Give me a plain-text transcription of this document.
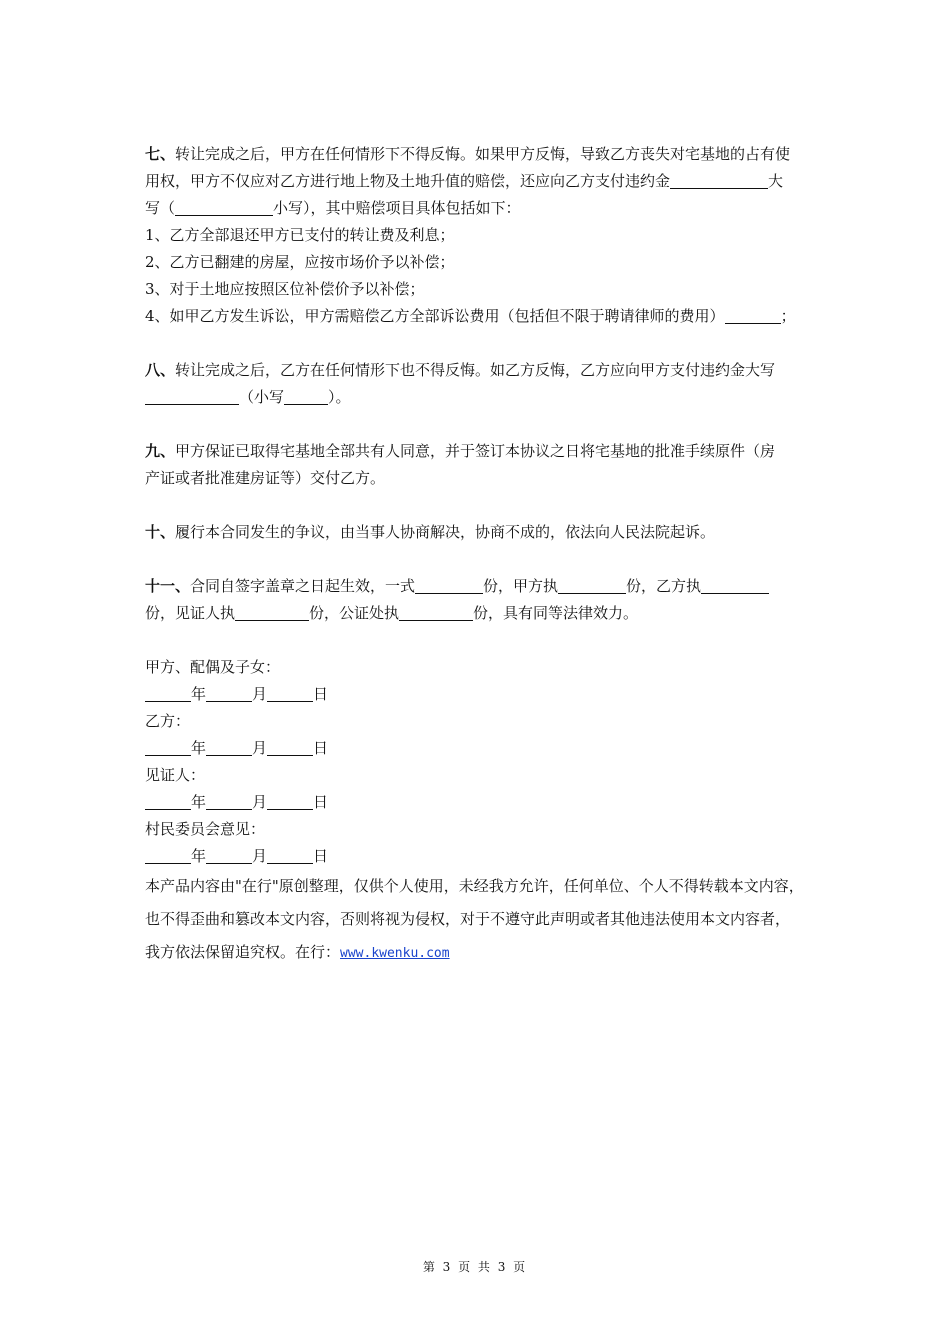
七、转让完成之后，甲方在任何情形下不得反悔。如果甲方反悔，导致乙方丧失对宅基地的占有使
用权，甲方不仅应对乙方进行地上物及土地升值的赔偿，还应向乙方支付违约金	大
写（	小写），其中赔偿项目具体包括如下：
1、乙方全部退还甲方已支付的转让费及利息；
2、乙方已翻建的房屋，应按市场价予以补偿；
3、对于土地应按照区位补偿价予以补偿；
4、如甲乙方发生诉讼，甲方需赔偿乙方全部诉讼费用（包括但不限于聘请律师的费用）	；
八、转让完成之后，乙方在任何情形下也不得反悔。如乙方反悔，乙方应向甲方支付违约金大写
（小写	）。
九、甲方保证已取得宅基地全部共有人同意，并于签订本协议之日将宅基地的批准手续原件（房
产证或者批准建房证等）交付乙方。
十、履行本合同发生的争议，由当事人协商解决，协商不成的，依法向人民法院起诉。
十一、合同自签字盖章之日起生效，一式	份，甲方执	份，乙方执
份，见证人执	份，公证处执	份，具有同等法律效力。
甲方、配偶及子女：
年	月	日
乙方：
年	月	日
见证人：
年	月	日
村民委员会意见：
年	月	日
本产品内容由"在行"原创整理，仅供个人使用，未经我方允许，任何单位、个人不得转载本文内容，
也不得歪曲和篡改本文内容，否则将视为侵权，对于不遵守此声明或者其他违法使用本文内容者，
我方依法保留追究权。在行：www.kwenku.com
第 3 页 共 3 页
